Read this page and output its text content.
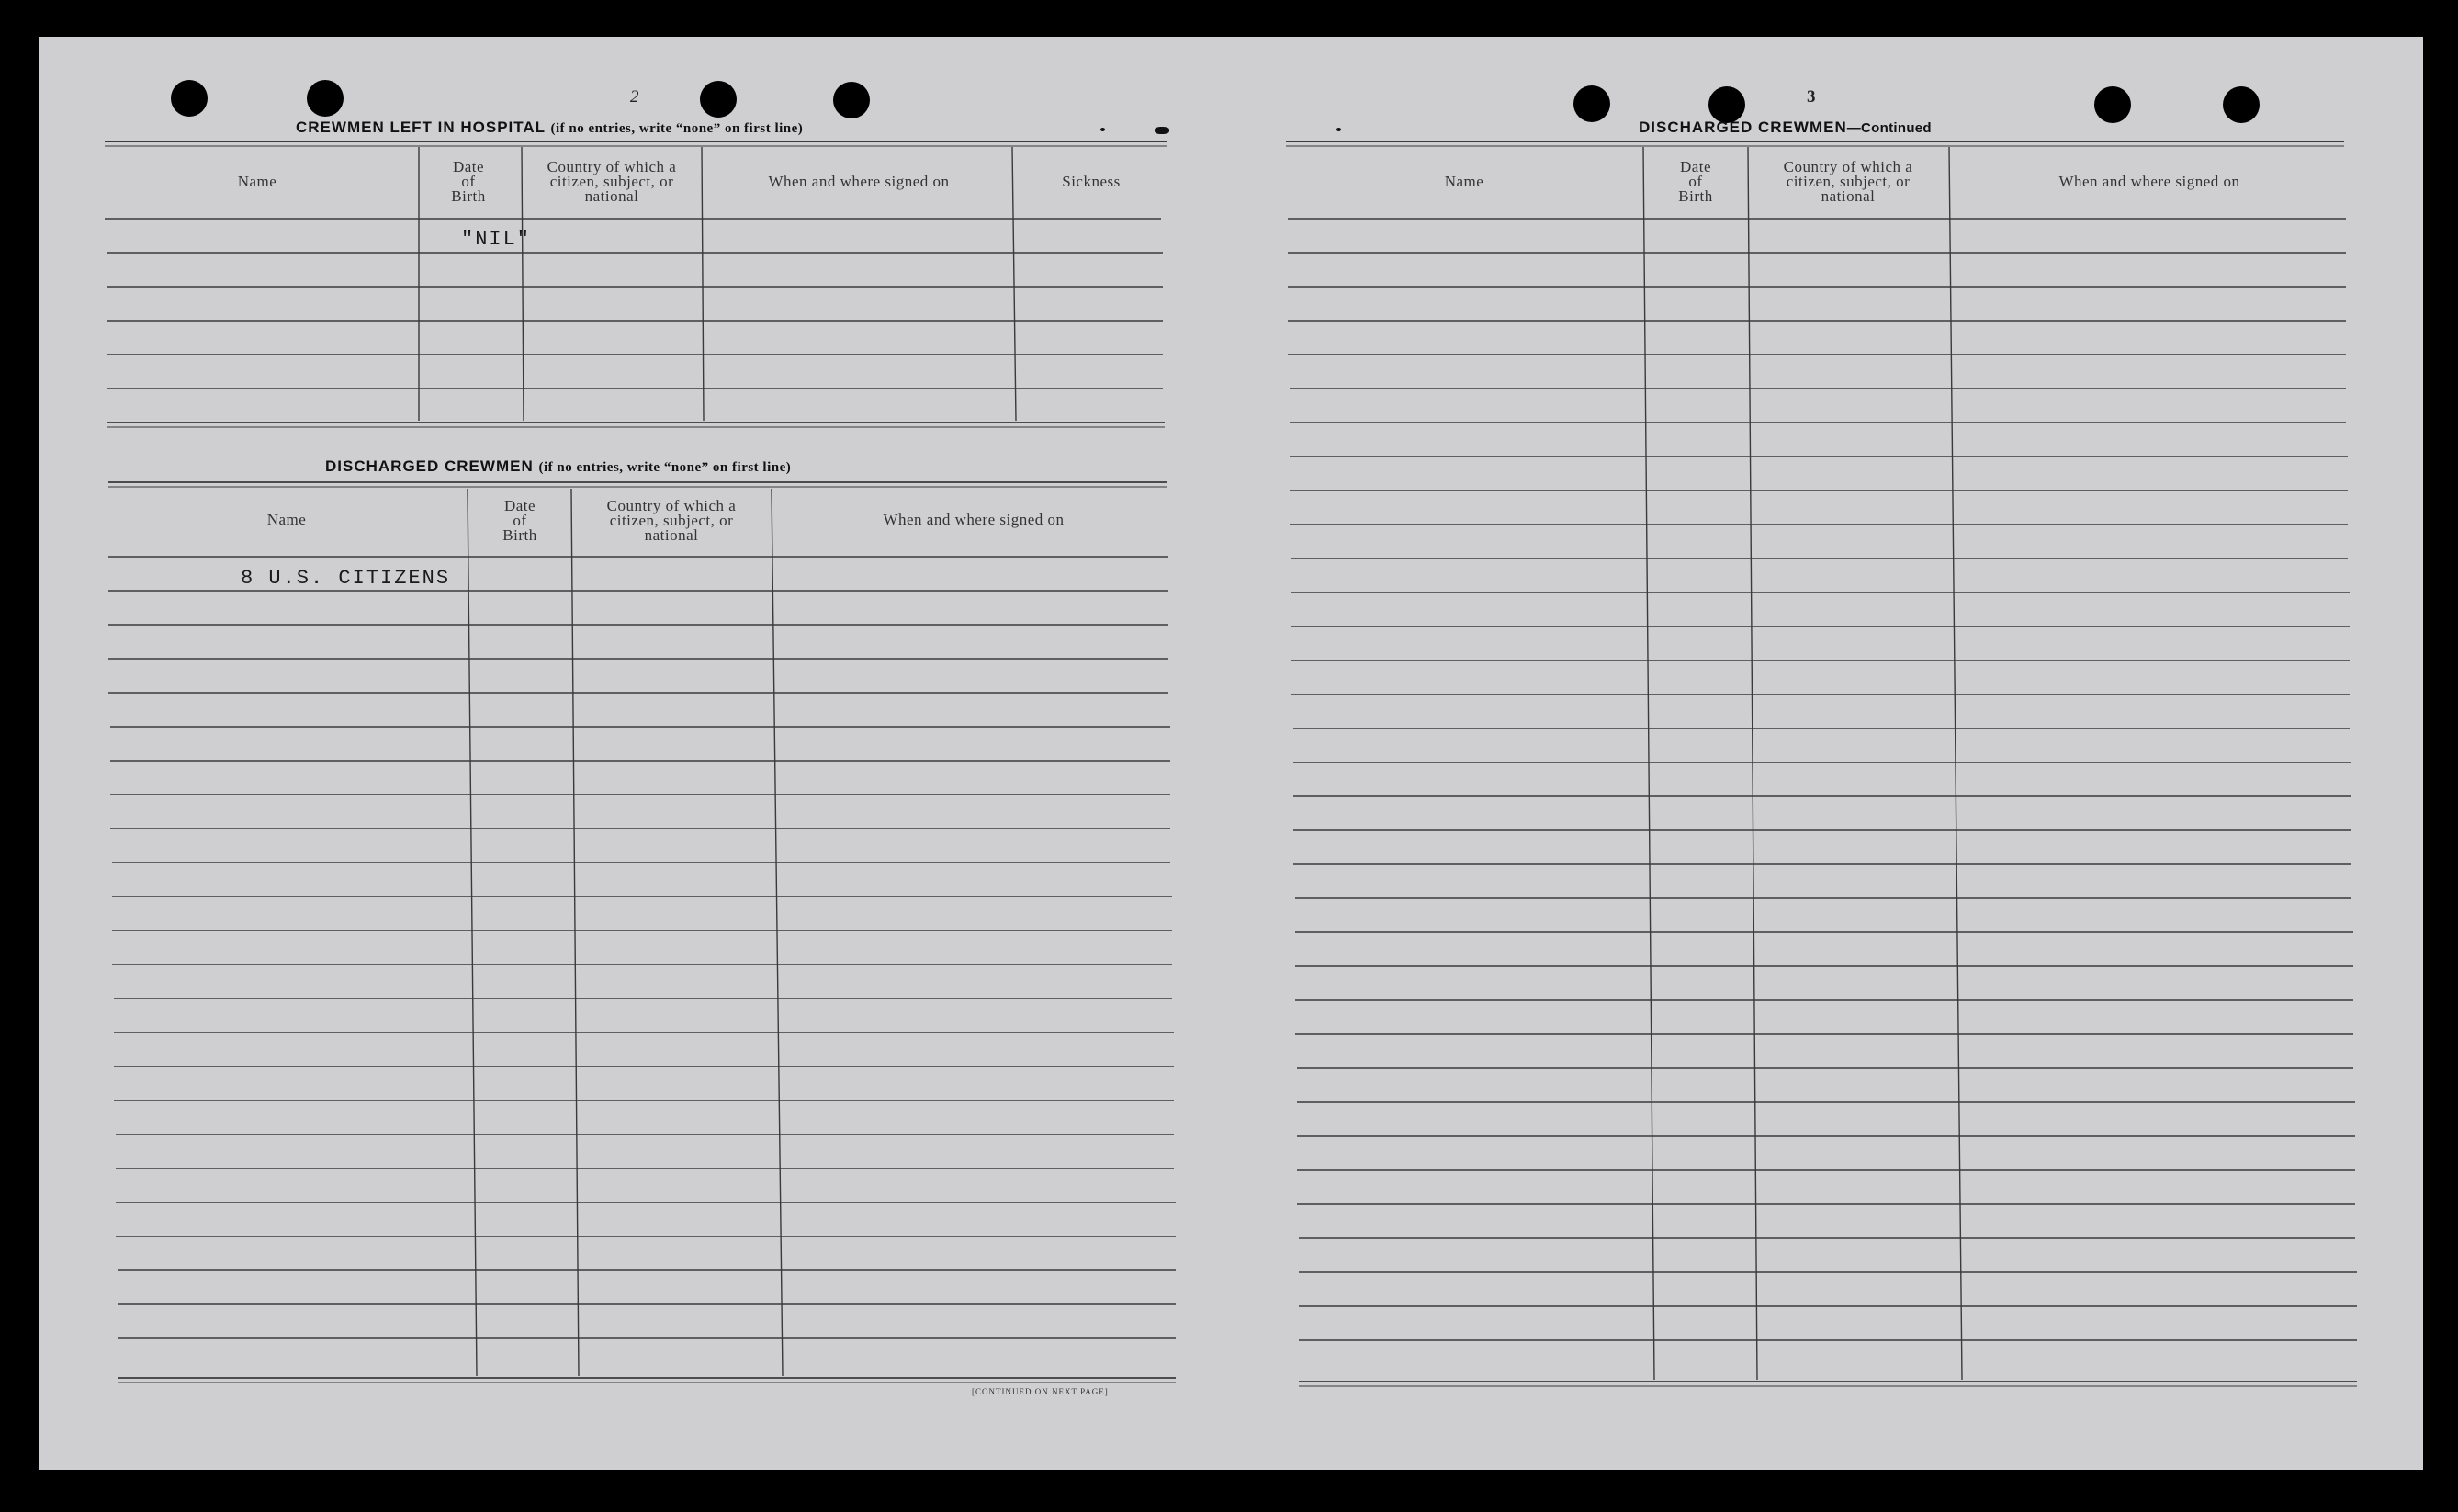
2
CREWMEN LEFT IN HOSPITAL (if no entries, write “none” on first line)
Name
Date
of
Birth
Country of which a
citizen, subject, or
national
When and where signed on	Sickness
"NIL"
DISCHARGED CREWMEN (if no entries, write “none” on first line)
Name
Date
of
Birth
Country of which a
citizen, subject, or
national
When and where signed on
8 U.S. CITIZENS
[CONTINUED ON NEXT PAGE]
3
DISCHARGED CREWMEN—Continued
Name
Date
of
Birth
Country of which a
citizen, subject, or
national
When and where signed on
